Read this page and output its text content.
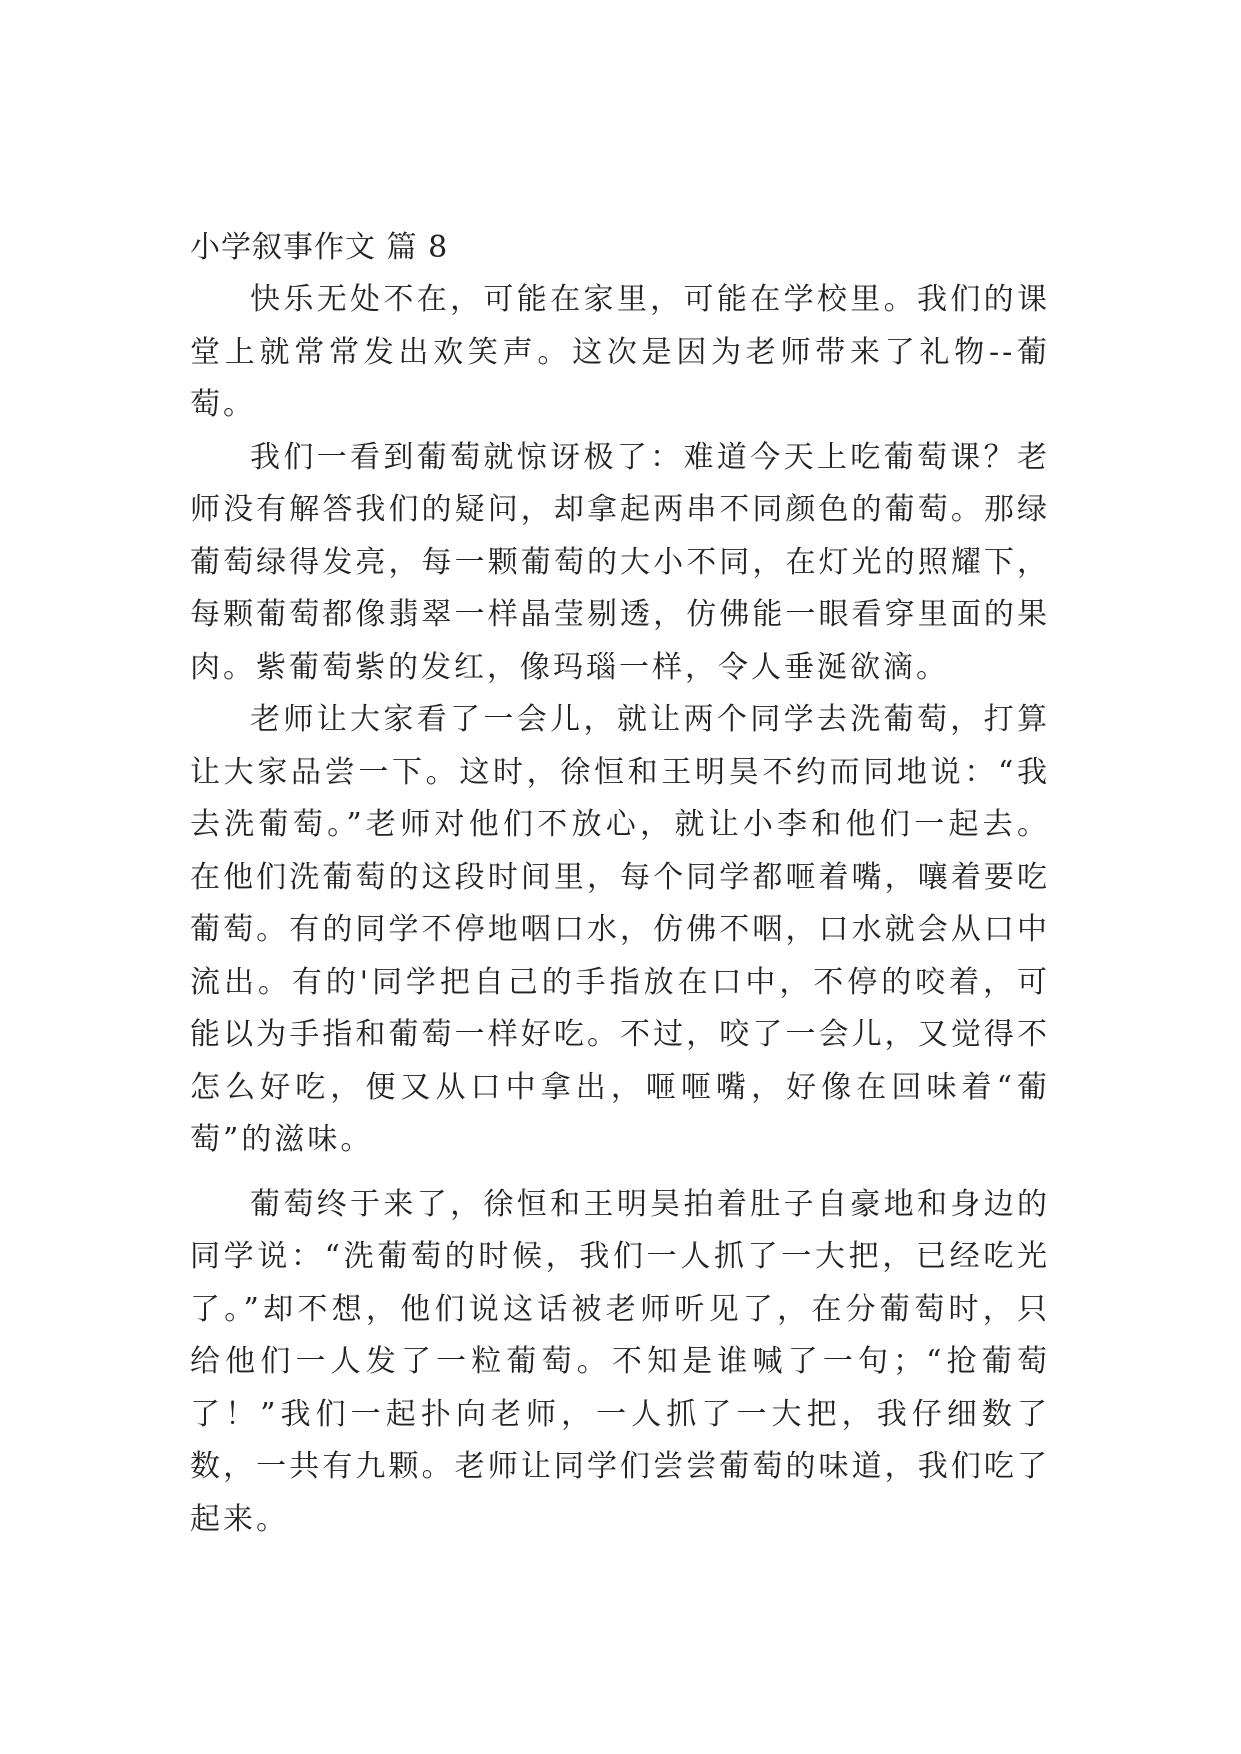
小学叙事作文 篇 8

快乐无处不在，可能在家里，可能在学校里。我们的课堂上就常常发出欢笑声。这次是因为老师带来了礼物--葡萄。

我们一看到葡萄就惊讶极了：难道今天上吃葡萄课？老师没有解答我们的疑问，却拿起两串不同颜色的葡萄。那绿葡萄绿得发亮，每一颗葡萄的大小不同，在灯光的照耀下，每颗葡萄都像翡翠一样晶莹剔透，仿佛能一眼看穿里面的果肉。紫葡萄紫的发红，像玛瑙一样，令人垂涎欲滴。

老师让大家看了一会儿，就让两个同学去洗葡萄，打算让大家品尝一下。这时，徐恒和王明昊不约而同地说：“我去洗葡萄。”老师对他们不放心，就让小李和他们一起去。在他们洗葡萄的这段时间里，每个同学都咂着嘴，嚷着要吃葡萄。有的同学不停地咽口水，仿佛不咽，口水就会从口中流出。有的'同学把自己的手指放在口中，不停的咬着，可能以为手指和葡萄一样好吃。不过，咬了一会儿，又觉得不怎么好吃，便又从口中拿出，咂咂嘴，好像在回味着“葡萄”的滋味。

葡萄终于来了，徐恒和王明昊拍着肚子自豪地和身边的同学说：“洗葡萄的时候，我们一人抓了一大把，已经吃光了。”却不想，他们说这话被老师听见了，在分葡萄时，只给他们一人发了一粒葡萄。不知是谁喊了一句；“抢葡萄了！”我们一起扑向老师，一人抓了一大把，我仔细数了数，一共有九颗。老师让同学们尝尝葡萄的味道，我们吃了起来。
